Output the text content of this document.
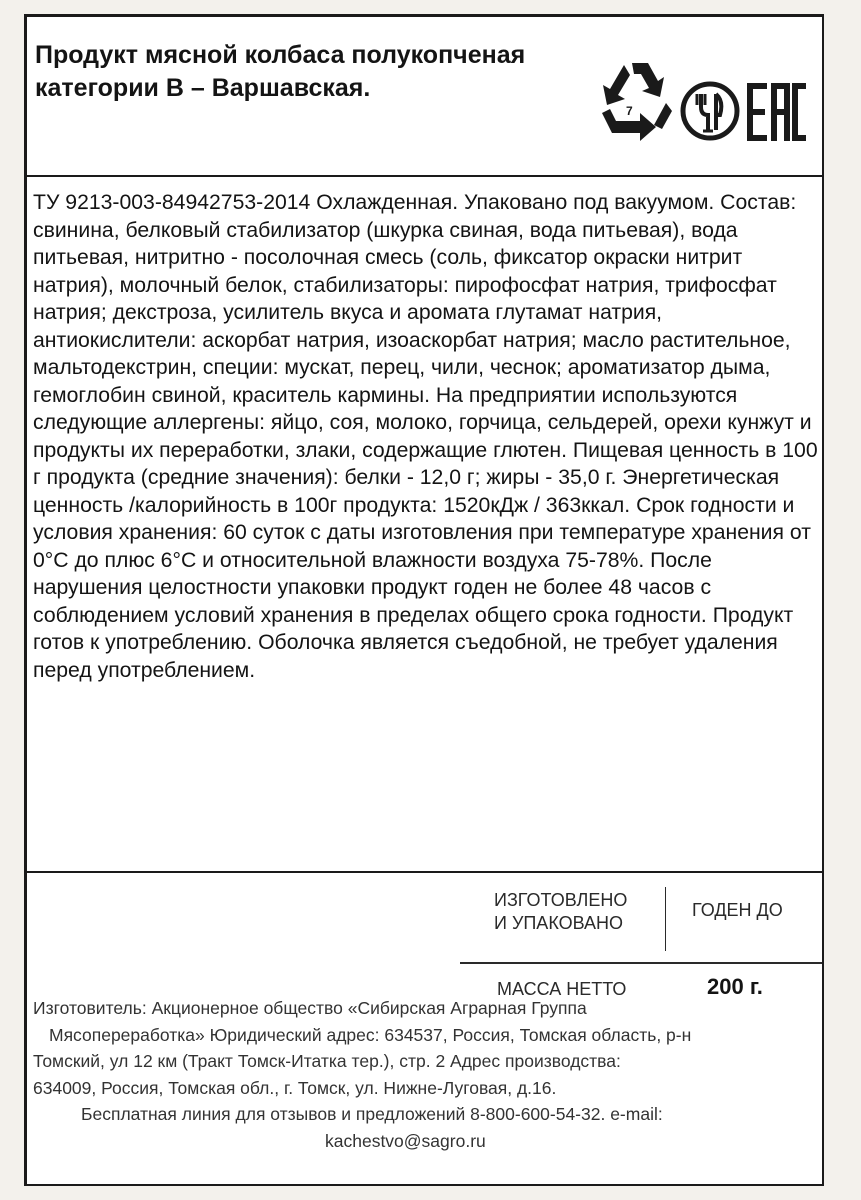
Продукт мясной колбаса полукопченая категории В – Варшавская.
7

ТУ 9213-003-84942753-2014 Охлажденная. Упаковано под вакуумом. Состав: свинина, белковый стабилизатор (шкурка свиная, вода питьевая), вода питьевая, нитритно - посолочная смесь (соль, фиксатор окраски нитрит натрия), молочный белок, стабилизаторы: пирофосфат натрия, трифосфат натрия; декстроза, усилитель вкуса и аромата глутамат натрия, антиокислители: аскорбат натрия, изоаскорбат натрия; масло растительное, мальтодекстрин, специи: мускат, перец, чили, чеснок; ароматизатор дыма, гемоглобин свиной, краситель кармины. На предприятии используются следующие аллергены: яйцо, соя, молоко, горчица, сельдерей, орехи кунжут и продукты их переработки, злаки, содержащие глютен. Пищевая ценность в 100 г продукта (средние значения): белки - 12,0 г; жиры - 35,0 г. Энергетическая ценность /калорийность в 100г продукта: 1520кДж / 363ккал. Срок годности и условия хранения: 60 суток с даты изготовления при температуре хранения от 0°С до плюс 6°С и относительной влажности воздуха 75-78%. После нарушения целостности упаковки продукт годен не более 48 часов с соблюдением условий хранения в пределах общего срока годности. Продукт готов к употреблению. Оболочка является съедобной, не требует удаления перед употреблением.

ИЗГОТОВЛЕНО
И УПАКОВАНО
ГОДЕН ДО
МАССА НЕТТО	200 г.
Изготовитель: Акционерное общество «Сибирская Аграрная Группа
Мясопереработка» Юридический адрес: 634537, Россия, Томская область, р-н
Томский, ул 12 км (Тракт Томск-Итатка тер.), стр. 2 Адрес производства:
634009, Россия, Томская обл., г. Томск, ул. Нижне-Луговая, д.16.
Бесплатная линия для отзывов и предложений 8-800-600-54-32. e-mail:
kachestvo@sagro.ru
